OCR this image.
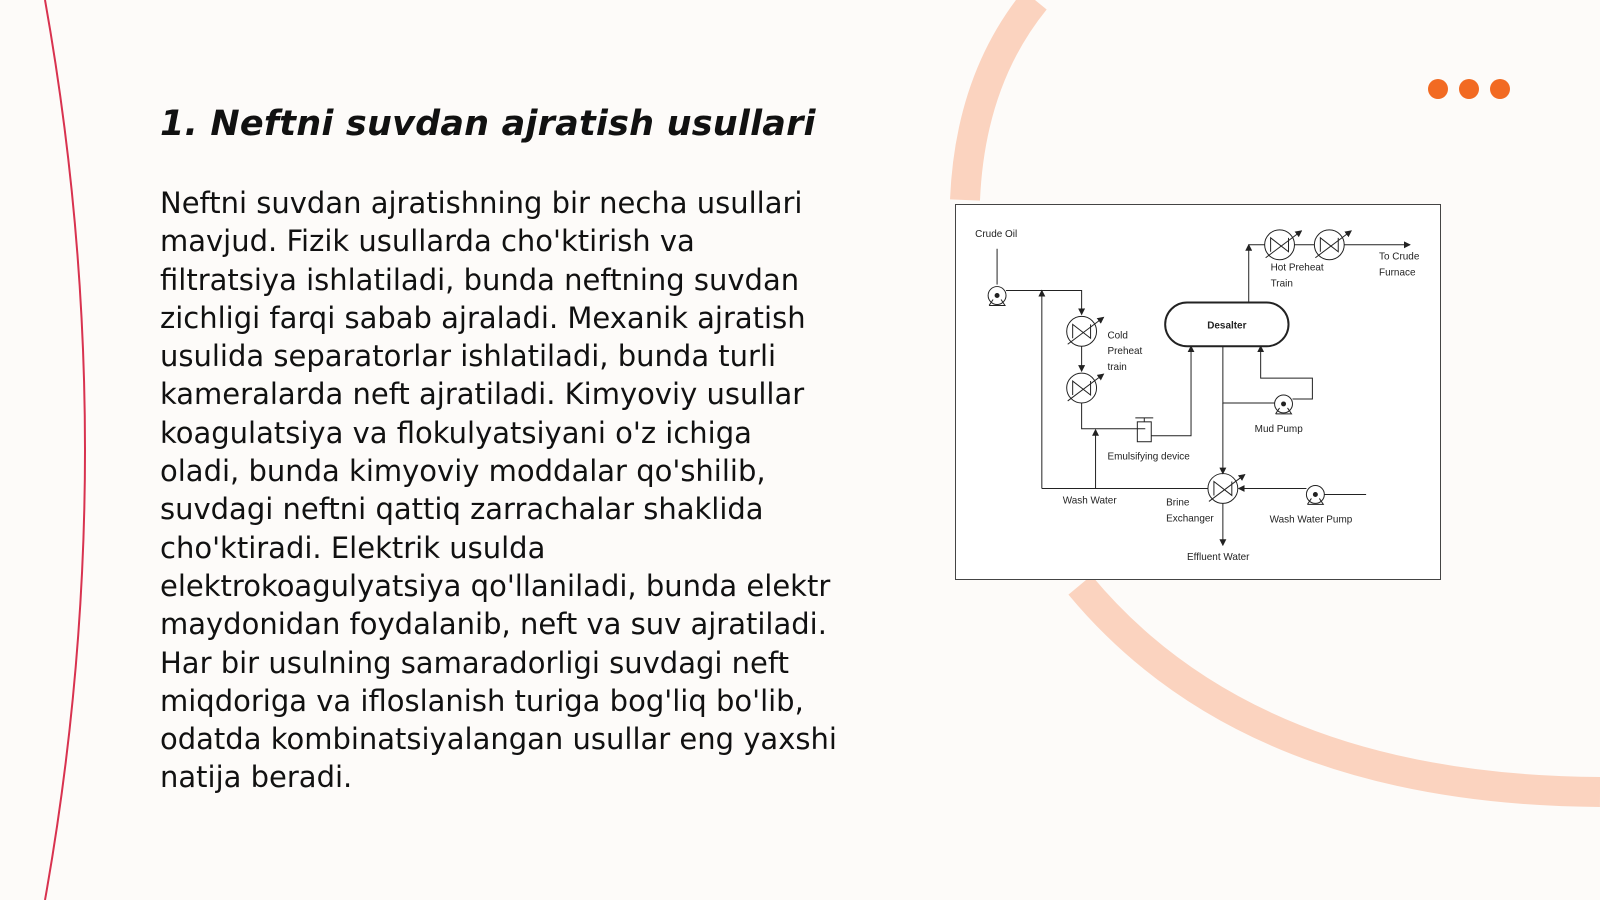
1. Neftni suvdan ajratish usullari

Neftni suvdan ajratishning bir necha usullari mavjud. Fizik usullarda cho'ktirish va filtratsiya ishlatiladi, bunda neftning suvdan zichligi farqi sabab ajraladi. Mexanik ajratish usulida separatorlar ishlatiladi, bunda turli kameralarda neft ajratiladi. Kimyoviy usullar koagulatsiya va flokulyatsiyani o'z ichiga oladi, bunda kimyoviy moddalar qo'shilib, suvdagi neftni qattiq zarrachalar shaklida cho'ktiradi. Elektrik usulda elektrokoagulyatsiya qo'llaniladi, bunda elektr maydonidan foydalanib, neft va suv ajratiladi. Har bir usulning samaradorligi suvdagi neft miqdoriga va ifloslanish turiga bog'liq bo'lib, odatda kombinatsiyalangan usullar eng yaxshi natija beradi.

Crude Oil
Cold
Preheat
train
Hot Preheat
Train
To Crude
Furnace
Desalter
Mud Pump
Emulsifying device
Wash Water	Brine
Exchanger	Wash Water Pump
Effluent Water
